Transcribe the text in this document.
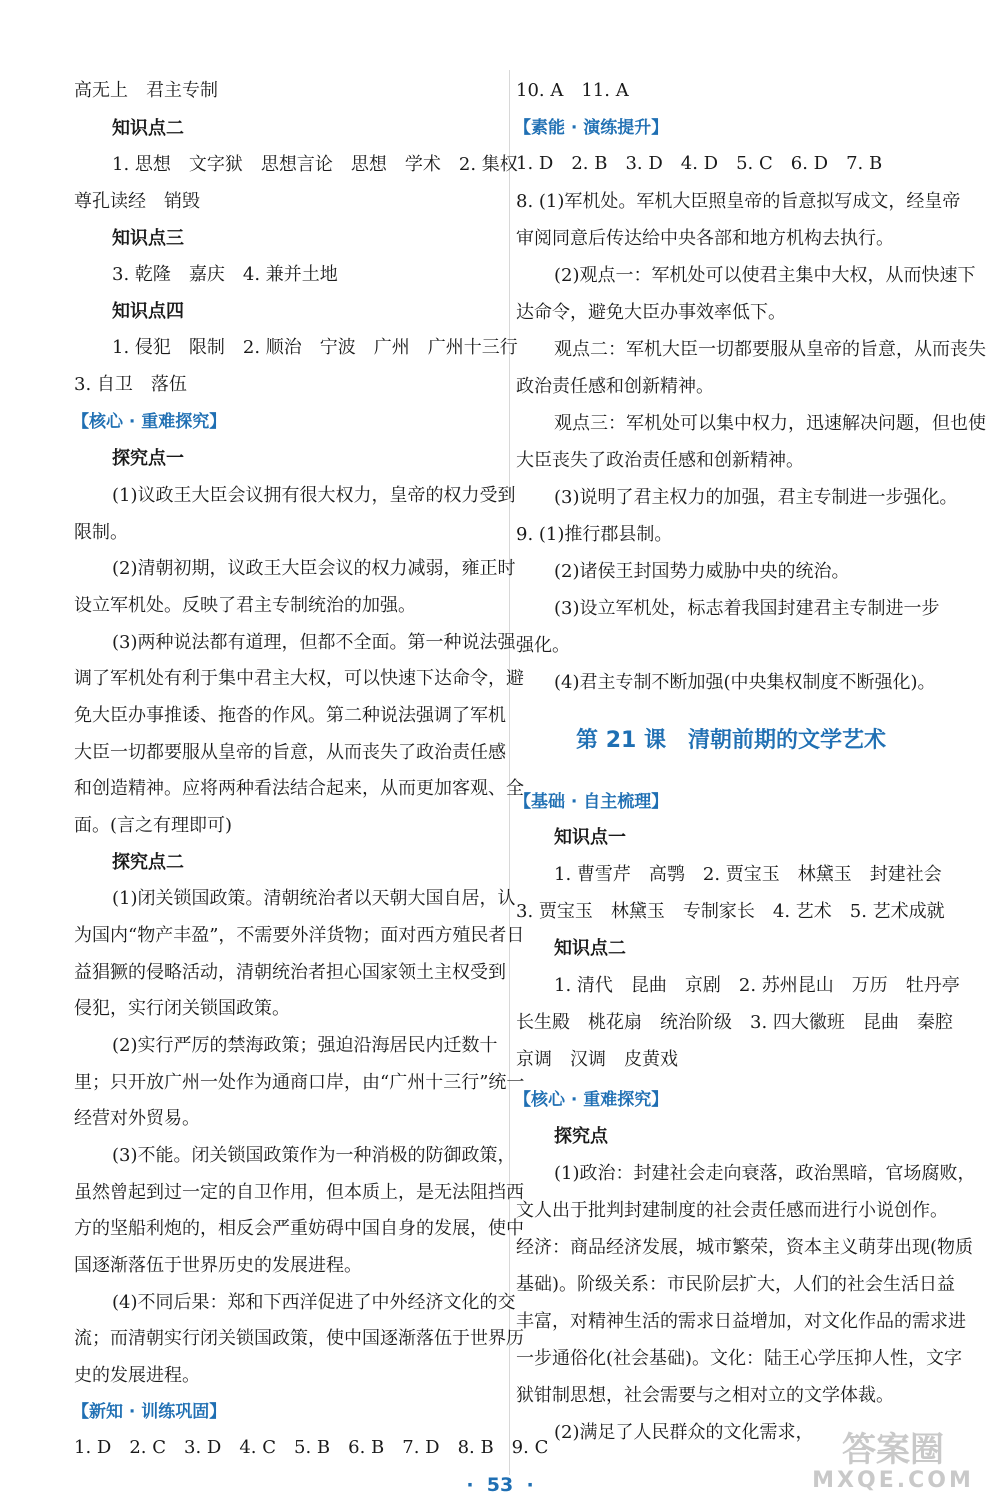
高无上　君主专制
知识点二
1. 思想　文字狱　思想言论　思想　学术　2. 集权
尊孔读经　销毁
知识点三
3. 乾隆　嘉庆　4. 兼并土地
知识点四
1. 侵犯　限制　2. 顺治　宁波　广州　广州十三行
3. 自卫　落伍
【核心 · 重难探究】
探究点一
(1)议政王大臣会议拥有很大权力，皇帝的权力受到
限制。
(2)清朝初期，议政王大臣会议的权力减弱，雍正时
设立军机处。反映了君主专制统治的加强。
(3)两种说法都有道理，但都不全面。第一种说法强
调了军机处有利于集中君主大权，可以快速下达命令，避
免大臣办事推诿、拖沓的作风。第二种说法强调了军机
大臣一切都要服从皇帝的旨意，从而丧失了政治责任感
和创造精神。应将两种看法结合起来，从而更加客观、全
面。(言之有理即可)
探究点二
(1)闭关锁国政策。清朝统治者以天朝大国自居，认
为国内“物产丰盈”，不需要外洋货物；面对西方殖民者日
益猖獗的侵略活动，清朝统治者担心国家领土主权受到
侵犯，实行闭关锁国政策。
(2)实行严厉的禁海政策；强迫沿海居民内迁数十
里；只开放广州一处作为通商口岸，由“广州十三行”统一
经营对外贸易。
(3)不能。闭关锁国政策作为一种消极的防御政策，
虽然曾起到过一定的自卫作用，但本质上，是无法阻挡西
方的坚船利炮的，相反会严重妨碍中国自身的发展，使中
国逐渐落伍于世界历史的发展进程。
(4)不同后果：郑和下西洋促进了中外经济文化的交
流；而清朝实行闭关锁国政策，使中国逐渐落伍于世界历
史的发展进程。
【新知 · 训练巩固】
1. D　2. C　3. D　4. C　5. B　6. B　7. D　8. B　9. C
10. A　11. A
【素能 · 演练提升】
1. D　2. B　3. D　4. D　5. C　6. D　7. B
8. (1)军机处。军机大臣照皇帝的旨意拟写成文，经皇帝
审阅同意后传达给中央各部和地方机构去执行。
(2)观点一：军机处可以使君主集中大权，从而快速下
达命令，避免大臣办事效率低下。
观点二：军机大臣一切都要服从皇帝的旨意，从而丧失
政治责任感和创新精神。
观点三：军机处可以集中权力，迅速解决问题，但也使
大臣丧失了政治责任感和创新精神。
(3)说明了君主权力的加强，君主专制进一步强化。
9. (1)推行郡县制。
(2)诸侯王封国势力威胁中央的统治。
(3)设立军机处，标志着我国封建君主专制进一步
强化。
(4)君主专制不断加强(中央集权制度不断强化)。
第 21 课　清朝前期的文学艺术
【基础 · 自主梳理】
知识点一
1. 曹雪芹　高鹗　2. 贾宝玉　林黛玉　封建社会
3. 贾宝玉　林黛玉　专制家长　4. 艺术　5. 艺术成就
知识点二
1. 清代　昆曲　京剧　2. 苏州昆山　万历　牡丹亭
长生殿　桃花扇　统治阶级　3. 四大徽班　昆曲　秦腔
京调　汉调　皮黄戏
【核心 · 重难探究】
探究点
(1)政治：封建社会走向衰落，政治黑暗，官场腐败，
文人出于批判封建制度的社会责任感而进行小说创作。
经济：商品经济发展，城市繁荣，资本主义萌芽出现(物质
基础)。阶级关系：市民阶层扩大，人们的社会生活日益
丰富，对精神生活的需求日益增加，对文化作品的需求进
一步通俗化(社会基础)。文化：陆王心学压抑人性，文字
狱钳制思想，社会需要与之相对立的文学体裁。
(2)满足了人民群众的文化需求，
·  53  ·
答案圈
MXQE.COM
